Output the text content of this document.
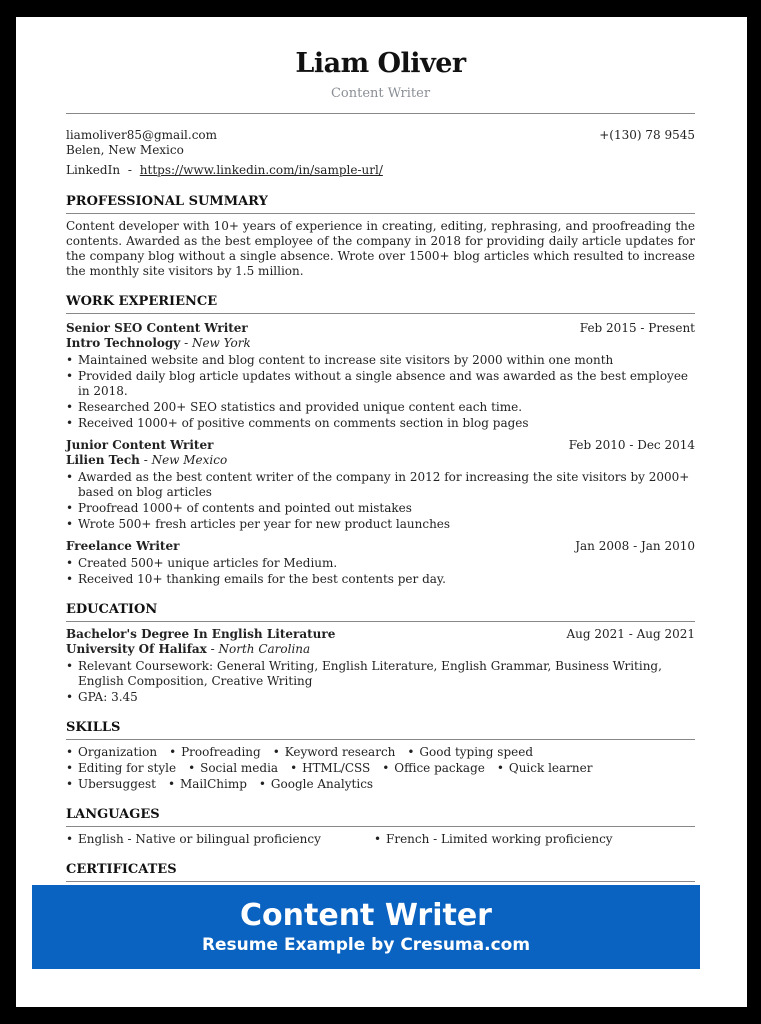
Liam Oliver
Content Writer
liamoliver85@gmail.com	+(130) 78 9545
Belen, New Mexico
LinkedIn - https://www.linkedin.com/in/sample-url/
PROFESSIONAL SUMMARY
Content developer with 10+ years of experience in creating, editing, rephrasing, and proofreading the contents. Awarded as the best employee of the company in 2018 for providing daily article updates for the company blog without a single absence. Wrote over 1500+ blog articles which resulted to increase the monthly site visitors by 1.5 million.
WORK EXPERIENCE
Senior SEO Content Writer	Feb 2015 - Present
Intro Technology - New York
• Maintained website and blog content to increase site visitors by 2000 within one month
• Provided daily blog article updates without a single absence and was awarded as the best employee in 2018.
• Researched 200+ SEO statistics and provided unique content each time.
• Received 1000+ of positive comments on comments section in blog pages
Junior Content Writer	Feb 2010 - Dec 2014
Lilien Tech - New Mexico
• Awarded as the best content writer of the company in 2012 for increasing the site visitors by 2000+ based on blog articles
• Proofread 1000+ of contents and pointed out mistakes
• Wrote 500+ fresh articles per year for new product launches
Freelance Writer	Jan 2008 - Jan 2010
• Created 500+ unique articles for Medium.
• Received 10+ thanking emails for the best contents per day.
EDUCATION
Bachelor's Degree In English Literature	Aug 2021 - Aug 2021
University Of Halifax - North Carolina
• Relevant Coursework: General Writing, English Literature, English Grammar, Business Writing, English Composition, Creative Writing
• GPA: 3.45
SKILLS
• Organization • Proofreading • Keyword research • Good typing speed
• Editing for style • Social media • HTML/CSS • Office package • Quick learner
• Ubersuggest • MailChimp • Google Analytics
LANGUAGES
• English - Native or bilingual proficiency	• French - Limited working proficiency
CERTIFICATES
Content Writer
Resume Example by Cresuma.com
